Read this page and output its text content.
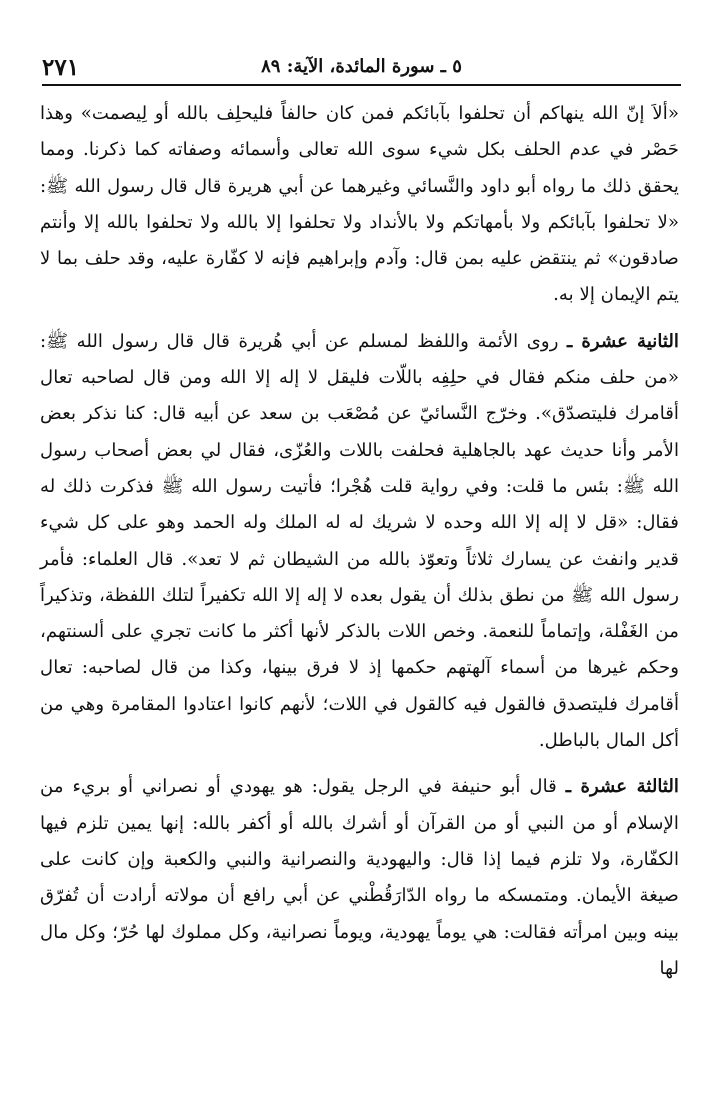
٥ ـ سورة المائدة، الآية: ٨٩
٢٧١

«ألاَ إنّ الله ينهاكم أن تحلفوا بآبائكم فمن كان حالفاً فليحلِف بالله أو لِيصمت» وهذا حَصْر في عدم الحلف بكل شيء سوى الله تعالى وأسمائه وصفاته كما ذكرنا. ومما يحقق ذلك ما رواه أبو داود والنَّسائي وغيرهما عن أبي هريرة قال قال رسول الله ﷺ: «لا تحلفوا بآبائكم ولا بأمهاتكم ولا بالأنداد ولا تحلفوا إلا بالله ولا تحلفوا بالله إلا وأنتم صادقون» ثم ينتقض عليه بمن قال: وآدم وإبراهيم فإنه لا كفّارة عليه، وقد حلف بما لا يتم الإيمان إلا به.

الثانية عشرة ـ روى الأئمة واللفظ لمسلم عن أبي هُريرة قال قال رسول الله ﷺ: «من حلف منكم فقال في حلِفِه باللّات فليقل لا إله إلا الله ومن قال لصاحبه تعال أقامرك فليتصدّق». وخرّج النَّسائيّ عن مُصْعَب بن سعد عن أبيه قال: كنا نذكر بعض الأمر وأنا حديث عهد بالجاهلية فحلفت باللات والعُزّى، فقال لي بعض أصحاب رسول الله ﷺ: بئس ما قلت: وفي رواية قلت هُجْرا؛ فأتيت رسول الله ﷺ فذكرت ذلك له فقال: «قل لا إله إلا الله وحده لا شريك له له الملك وله الحمد وهو على كل شيء قدير وانفث عن يسارك ثلاثاً وتعوّذ بالله من الشيطان ثم لا تعد». قال العلماء: فأمر رسول الله ﷺ من نطق بذلك أن يقول بعده لا إله إلا الله تكفيراً لتلك اللفظة، وتذكيراً من الغَفْلة، وإتماماً للنعمة. وخص اللات بالذكر لأنها أكثر ما كانت تجري على ألسنتهم، وحكم غيرها من أسماء آلهتهم حكمها إذ لا فرق بينها، وكذا من قال لصاحبه: تعال أقامرك فليتصدق فالقول فيه كالقول في اللات؛ لأنهم كانوا اعتادوا المقامرة وهي من أكل المال بالباطل.

الثالثة عشرة ـ قال أبو حنيفة في الرجل يقول: هو يهودي أو نصراني أو بريء من الإسلام أو من النبي أو من القرآن أو أشرك بالله أو أكفر بالله: إنها يمين تلزم فيها الكفّارة، ولا تلزم فيما إذا قال: واليهودية والنصرانية والنبي والكعبة وإن كانت على صيغة الأيمان. ومتمسكه ما رواه الدّارَقُطْني عن أبي رافع أن مولاته أرادت أن تُفرّق بينه وبين امرأته فقالت: هي يوماً يهودية، ويوماً نصرانية، وكل مملوك لها حُرّ؛ وكل مال لها
